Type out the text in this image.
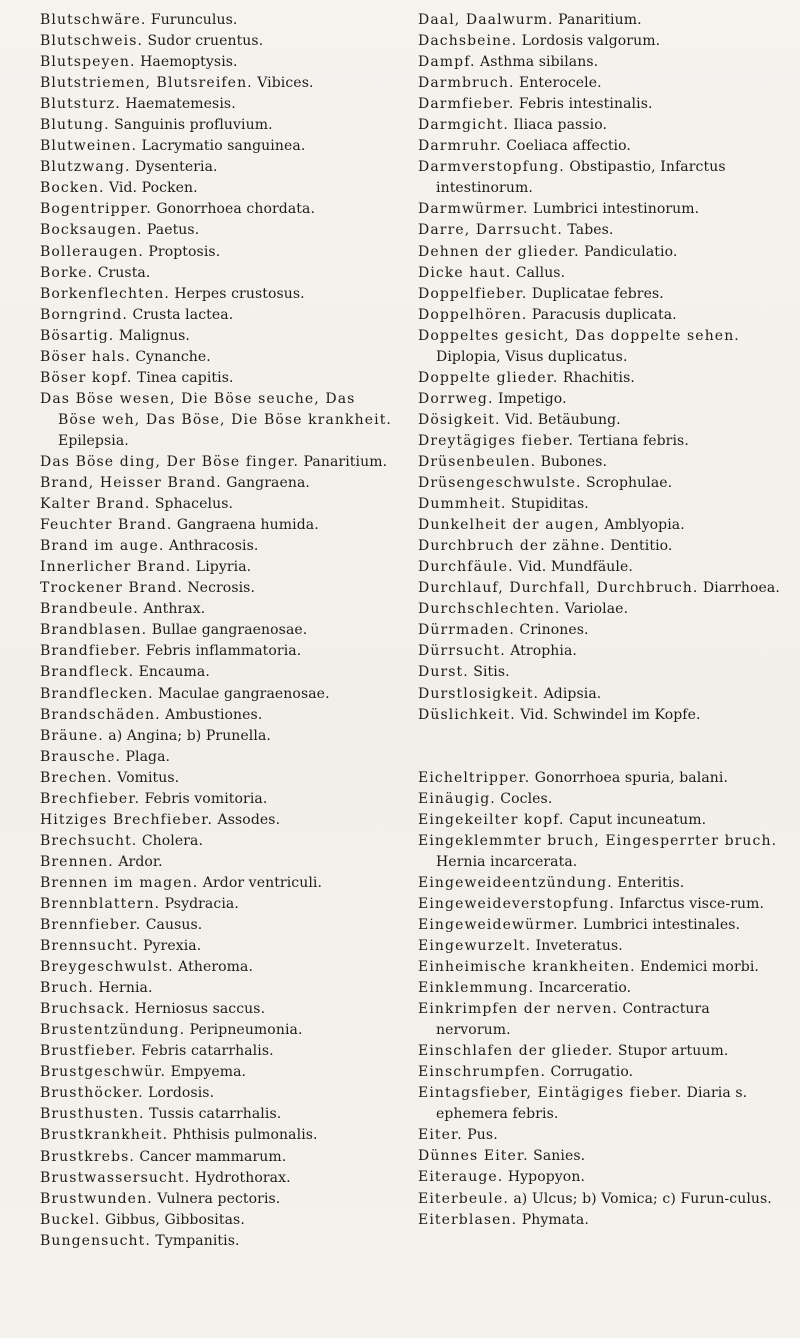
Blutschwäre. Furunculus.

Blutschweis. Sudor cruentus.

Blutspeyen. Haemoptysis.

Blutstriemen, Blutsreifen. Vibices.

Blutsturz. Haematemesis.

Blutung. Sanguinis profluvium.

Blutweinen. Lacrymatio sanguinea.

Blutzwang. Dysenteria.

Bocken. Vid. Pocken.

Bogentripper. Gonorrhoea chordata.

Bocksaugen. Paetus.

Bolleraugen. Proptosis.

Borke. Crusta.

Borkenflechten. Herpes crustosus.

Borngrind. Crusta lactea.

Bösartig. Malignus.

Böser hals. Cynanche.

Böser kopf. Tinea capitis.

Das Böse wesen, Die Böse seuche, Das Böse weh, Das Böse, Die Böse krankheit. Epilepsia.

Das Böse ding, Der Böse finger. Panaritium.

Brand, Heisser Brand. Gangraena.

Kalter Brand. Sphacelus.

Feuchter Brand. Gangraena humida.

Brand im auge. Anthracosis.

Innerlicher Brand. Lipyria.

Trockener Brand. Necrosis.

Brandbeule. Anthrax.

Brandblasen. Bullae gangraenosae.

Brandfieber. Febris inflammatoria.

Brandfleck. Encauma.

Brandflecken. Maculae gangraenosae.

Brandschäden. Ambustiones.

Bräune. a) Angina; b) Prunella.

Brausche. Plaga.

Brechen. Vomitus.

Brechfieber. Febris vomitoria.

Hitziges Brechfieber. Assodes.

Brechsucht. Cholera.

Brennen. Ardor.

Brennen im magen. Ardor ventriculi.

Brennblattern. Psydracia.

Brennfieber. Causus.

Brennsucht. Pyrexia.

Breygeschwulst. Atheroma.

Bruch. Hernia.

Bruchsack. Herniosus saccus.

Brustentzündung. Peripneumonia.

Brustfieber. Febris catarrhalis.

Brustgeschwür. Empyema.

Brusthöcker. Lordosis.

Brusthusten. Tussis catarrhalis.

Brustkrankheit. Phthisis pulmonalis.

Brustkrebs. Cancer mammarum.

Brustwassersucht. Hydrothorax.

Brustwunden. Vulnera pectoris.

Buckel. Gibbus, Gibbositas.

Bungensucht. Tympanitis.

Daal, Daalwurm. Panaritium.

Dachsbeine. Lordosis valgorum.

Dampf. Asthma sibilans.

Darmbruch. Enterocele.

Darmfieber. Febris intestinalis.

Darmgicht. Iliaca passio.

Darmruhr. Coeliaca affectio.

Darmverstopfung. Obstipastio, Infarctus intestinorum.

Darmwürmer. Lumbrici intestinorum.

Darre, Darrsucht. Tabes.

Dehnen der glieder. Pandiculatio.

Dicke haut. Callus.

Doppelfieber. Duplicatae febres.

Doppelhören. Paracusis duplicata.

Doppeltes gesicht, Das doppelte sehen. Diplopia, Visus duplicatus.

Doppelte glieder. Rhachitis.

Dorrweg. Impetigo.

Dösigkeit. Vid. Betäubung.

Dreytägiges fieber. Tertiana febris.

Drüsenbeulen. Bubones.

Drüsengeschwulste. Scrophulae.

Dummheit. Stupiditas.

Dunkelheit der augen, Amblyopia.

Durchbruch der zähne. Dentitio.

Durchfäule. Vid. Mundfäule.

Durchlauf, Durchfall, Durchbruch. Diarrhoea.

Durchschlechten. Variolae.

Dürrmaden. Crinones.

Dürrsucht. Atrophia.

Durst. Sitis.

Durstlosigkeit. Adipsia.

Düslichkeit. Vid. Schwindel im Kopfe.

Eicheltripper. Gonorrhoea spuria, balani.

Einäugig. Cocles.

Eingekeilter kopf. Caput incuneatum.

Eingeklemmter bruch, Eingesperrter bruch. Hernia incarcerata.

Eingeweideentzündung. Enteritis.

Eingeweideverstopfung. Infarctus visce-rum.

Eingeweidewürmer. Lumbrici intestinales.

Eingewurzelt. Inveteratus.

Einheimische krankheiten. Endemici morbi.

Einklemmung. Incarceratio.

Einkrimpfen der nerven. Contractura nervorum.

Einschlafen der glieder. Stupor artuum.

Einschrumpfen. Corrugatio.

Eintagsfieber, Eintägiges fieber. Diaria s. ephemera febris.

Eiter. Pus.

Dünnes Eiter. Sanies.

Eiterauge. Hypopyon.

Eiterbeule. a) Ulcus; b) Vomica; c) Furun-culus.

Eiterblasen. Phymata.
